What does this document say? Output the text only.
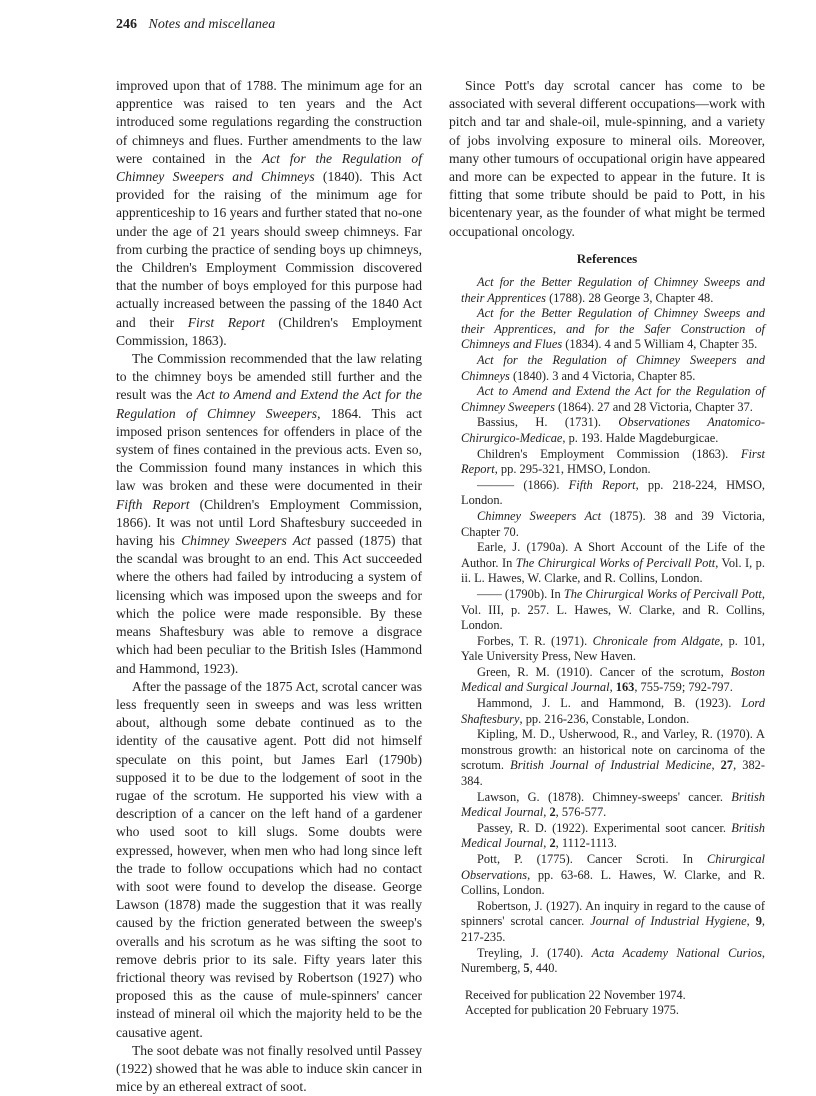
246 Notes and miscellanea

improved upon that of 1788. The minimum age for an apprentice was raised to ten years and the Act introduced some regulations regarding the construction of chimneys and flues. Further amendments to the law were contained in the Act for the Regulation of Chimney Sweepers and Chimneys (1840). This Act provided for the raising of the minimum age for apprenticeship to 16 years and further stated that no-one under the age of 21 years should sweep chimneys. Far from curbing the practice of sending boys up chimneys, the Children's Employment Commission discovered that the number of boys employed for this purpose had actually increased between the passing of the 1840 Act and their First Report (Children's Employment Commission, 1863).

The Commission recommended that the law relating to the chimney boys be amended still further and the result was the Act to Amend and Extend the Act for the Regulation of Chimney Sweepers, 1864. This act imposed prison sentences for offenders in place of the system of fines contained in the previous acts. Even so, the Commission found many instances in which this law was broken and these were documented in their Fifth Report (Children's Employment Commission, 1866). It was not until Lord Shaftesbury succeeded in having his Chimney Sweepers Act passed (1875) that the scandal was brought to an end. This Act succeeded where the others had failed by introducing a system of licensing which was imposed upon the sweeps and for which the police were made responsible. By these means Shaftesbury was able to remove a disgrace which had been peculiar to the British Isles (Hammond and Hammond, 1923).

After the passage of the 1875 Act, scrotal cancer was less frequently seen in sweeps and was less written about, although some debate continued as to the identity of the causative agent. Pott did not himself speculate on this point, but James Earl (1790b) supposed it to be due to the lodgement of soot in the rugae of the scrotum. He supported his view with a description of a cancer on the left hand of a gardener who used soot to kill slugs. Some doubts were expressed, however, when men who had long since left the trade to follow occupations which had no contact with soot were found to develop the disease. George Lawson (1878) made the suggestion that it was really caused by the friction generated between the sweep's overalls and his scrotum as he was sifting the soot to remove debris prior to its sale. Fifty years later this frictional theory was revised by Robertson (1927) who proposed this as the cause of mule-spinners' cancer instead of mineral oil which the majority held to be the causative agent.

The soot debate was not finally resolved until Passey (1922) showed that he was able to induce skin cancer in mice by an ethereal extract of soot.

Since Pott's day scrotal cancer has come to be associated with several different occupations—work with pitch and tar and shale-oil, mule-spinning, and a variety of jobs involving exposure to mineral oils. Moreover, many other tumours of occupational origin have appeared and more can be expected to appear in the future. It is fitting that some tribute should be paid to Pott, in his bicentenary year, as the founder of what might be termed occupational oncology.

References

Act for the Better Regulation of Chimney Sweeps and their Apprentices (1788). 28 George 3, Chapter 48.

Act for the Better Regulation of Chimney Sweeps and their Apprentices, and for the Safer Construction of Chimneys and Flues (1834). 4 and 5 William 4, Chapter 35.

Act for the Regulation of Chimney Sweepers and Chimneys (1840). 3 and 4 Victoria, Chapter 85.

Act to Amend and Extend the Act for the Regulation of Chimney Sweepers (1864). 27 and 28 Victoria, Chapter 37.

Bassius, H. (1731). Observationes Anatomico-Chirurgico-Medicae, p. 193. Halde Magdeburgicae.

Children's Employment Commission (1863). First Report, pp. 295-321, HMSO, London.

——— (1866). Fifth Report, pp. 218-224, HMSO, London.

Chimney Sweepers Act (1875). 38 and 39 Victoria, Chapter 70.

Earle, J. (1790a). A Short Account of the Life of the Author. In The Chirurgical Works of Percivall Pott, Vol. I, p. ii. L. Hawes, W. Clarke, and R. Collins, London.

—— (1790b). In The Chirurgical Works of Percivall Pott, Vol. III, p. 257. L. Hawes, W. Clarke, and R. Collins, London.

Forbes, T. R. (1971). Chronicale from Aldgate, p. 101, Yale University Press, New Haven.

Green, R. M. (1910). Cancer of the scrotum, Boston Medical and Surgical Journal, 163, 755-759; 792-797.

Hammond, J. L. and Hammond, B. (1923). Lord Shaftesbury, pp. 216-236, Constable, London.

Kipling, M. D., Usherwood, R., and Varley, R. (1970). A monstrous growth: an historical note on carcinoma of the scrotum. British Journal of Industrial Medicine, 27, 382-384.

Lawson, G. (1878). Chimney-sweeps' cancer. British Medical Journal, 2, 576-577.

Passey, R. D. (1922). Experimental soot cancer. British Medical Journal, 2, 1112-1113.

Pott, P. (1775). Cancer Scroti. In Chirurgical Observations, pp. 63-68. L. Hawes, W. Clarke, and R. Collins, London.

Robertson, J. (1927). An inquiry in regard to the cause of spinners' scrotal cancer. Journal of Industrial Hygiene, 9, 217-235.

Treyling, J. (1740). Acta Academy National Curios, Nuremberg, 5, 440.

Received for publication 22 November 1974.

Accepted for publication 20 February 1975.
